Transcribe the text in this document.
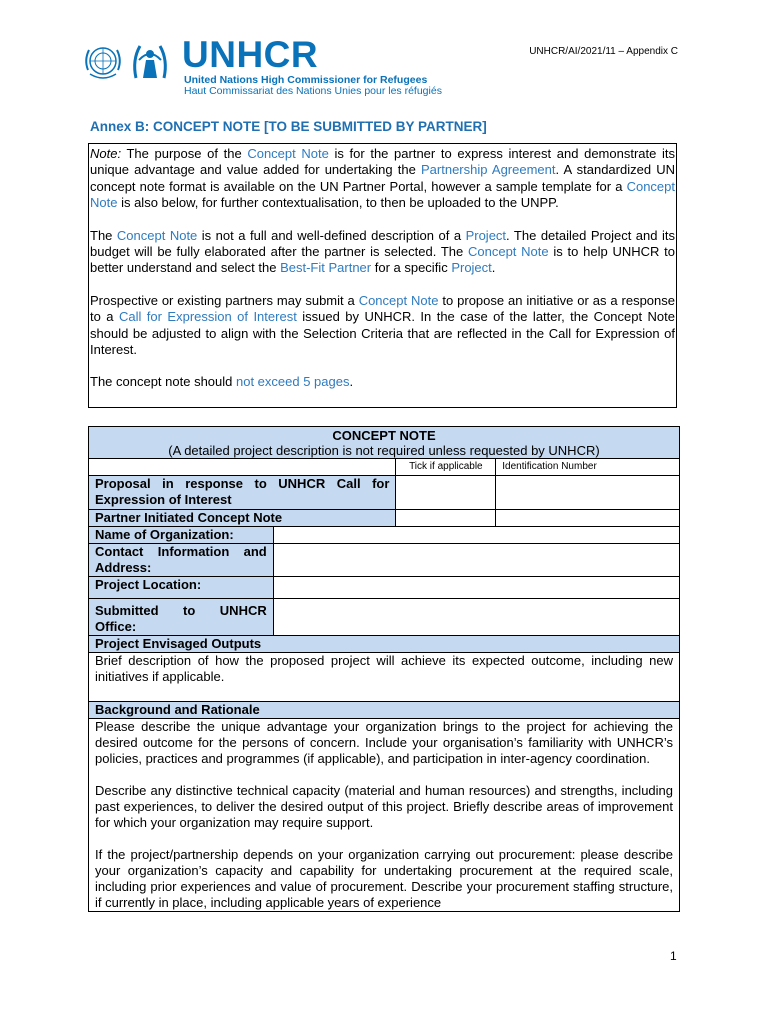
UNHCR
United Nations High Commissioner for Refugees
Haut Commissariat des Nations Unies pour les réfugiés
UNHCR/AI/2021/11 – Appendix C
Annex B: CONCEPT NOTE [TO BE SUBMITTED BY PARTNER]

Note: The purpose of the Concept Note is for the partner to express interest and demonstrate its unique advantage and value added for undertaking the Partnership Agreement. A standardized UN concept note format is available on the UN Partner Portal, however a sample template for a Concept Note is also below, for further contextualisation, to then be uploaded to the UNPP.

The Concept Note is not a full and well-defined description of a Project. The detailed Project and its budget will be fully elaborated after the partner is selected. The Concept Note is to help UNHCR to better understand and select the Best-Fit Partner for a specific Project.

Prospective or existing partners may submit a Concept Note to propose an initiative or as a response to a Call for Expression of Interest issued by UNHCR. In the case of the latter, the Concept Note should be adjusted to align with the Selection Criteria that are reflected in the Call for Expression of Interest.

The concept note should not exceed 5 pages.

CONCEPT NOTE
(A detailed project description is not required unless requested by UNHCR)			

		Tick if applicable	Identification Number
Proposal in response to UNHCR Call for Expression of Interest			
Partner Initiated Concept Note			
Name of Organization:			
Contact Information and Address:			
Project Location:			
Submitted to UNHCR Office:			
Project Envisaged Outputs			
Brief description of how the proposed project will achieve its expected outcome, including new initiatives if applicable.			
Background and Rationale			

Please describe the unique advantage your organization brings to the project for achieving the desired outcome for the persons of concern. Include your organisation’s familiarity with UNHCR’s policies, practices and programmes (if applicable), and participation in inter-agency coordination.

Describe any distinctive technical capacity (material and human resources) and strengths, including past experiences, to deliver the desired output of this project. Briefly describe areas of improvement for which your organization may require support.

If the project/partnership depends on your organization carrying out procurement: please describe your organization’s capacity and capability for undertaking procurement at the required scale, including prior experiences and value of procurement. Describe your procurement staffing structure, if currently in place, including applicable years of experience			

1
